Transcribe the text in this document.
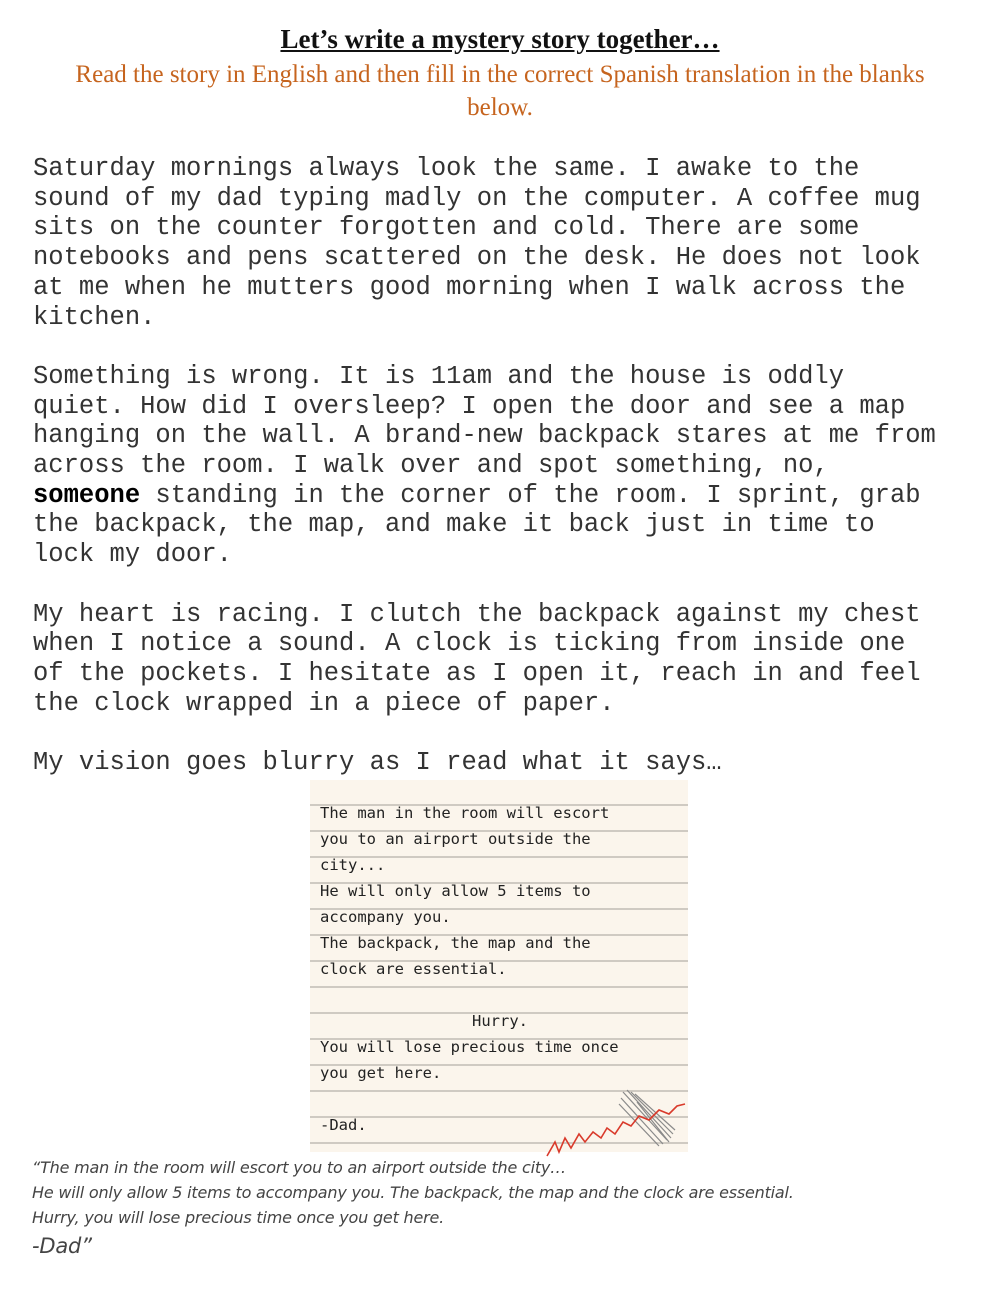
Let’s write a mystery story together…

Read the story in English and then fill in the correct Spanish translation in the blanks below.

Saturday mornings always look the same. I awake to the
sound of my dad typing madly on the computer. A coffee mug
sits on the counter forgotten and cold. There are some
notebooks and pens scattered on the desk. He does not look
at me when he mutters good morning when I walk across the
kitchen.

Something is wrong. It is 11am and the house is oddly
quiet. How did I oversleep? I open the door and see a map
hanging on the wall. A brand-new backpack stares at me from
across the room. I walk over and spot something, no,
someone standing in the corner of the room. I sprint, grab
the backpack, the map, and make it back just in time to
lock my door.

My heart is racing. I clutch the backpack against my chest
when I notice a sound. A clock is ticking from inside one
of the pockets. I hesitate as I open it, reach in and feel
the clock wrapped in a piece of paper.

My vision goes blurry as I read what it says…

The man in the room will escort
you to an airport outside the
city...
He will only allow 5 items to
accompany you.
The backpack, the map and the
clock are essential.
Hurry.
You will lose precious time once
you get here.
-Dad.
“The man in the room will escort you to an airport outside the city…
He will only allow 5 items to accompany you. The backpack, the map and the clock are essential.
Hurry, you will lose precious time once you get here.
-Dad”
